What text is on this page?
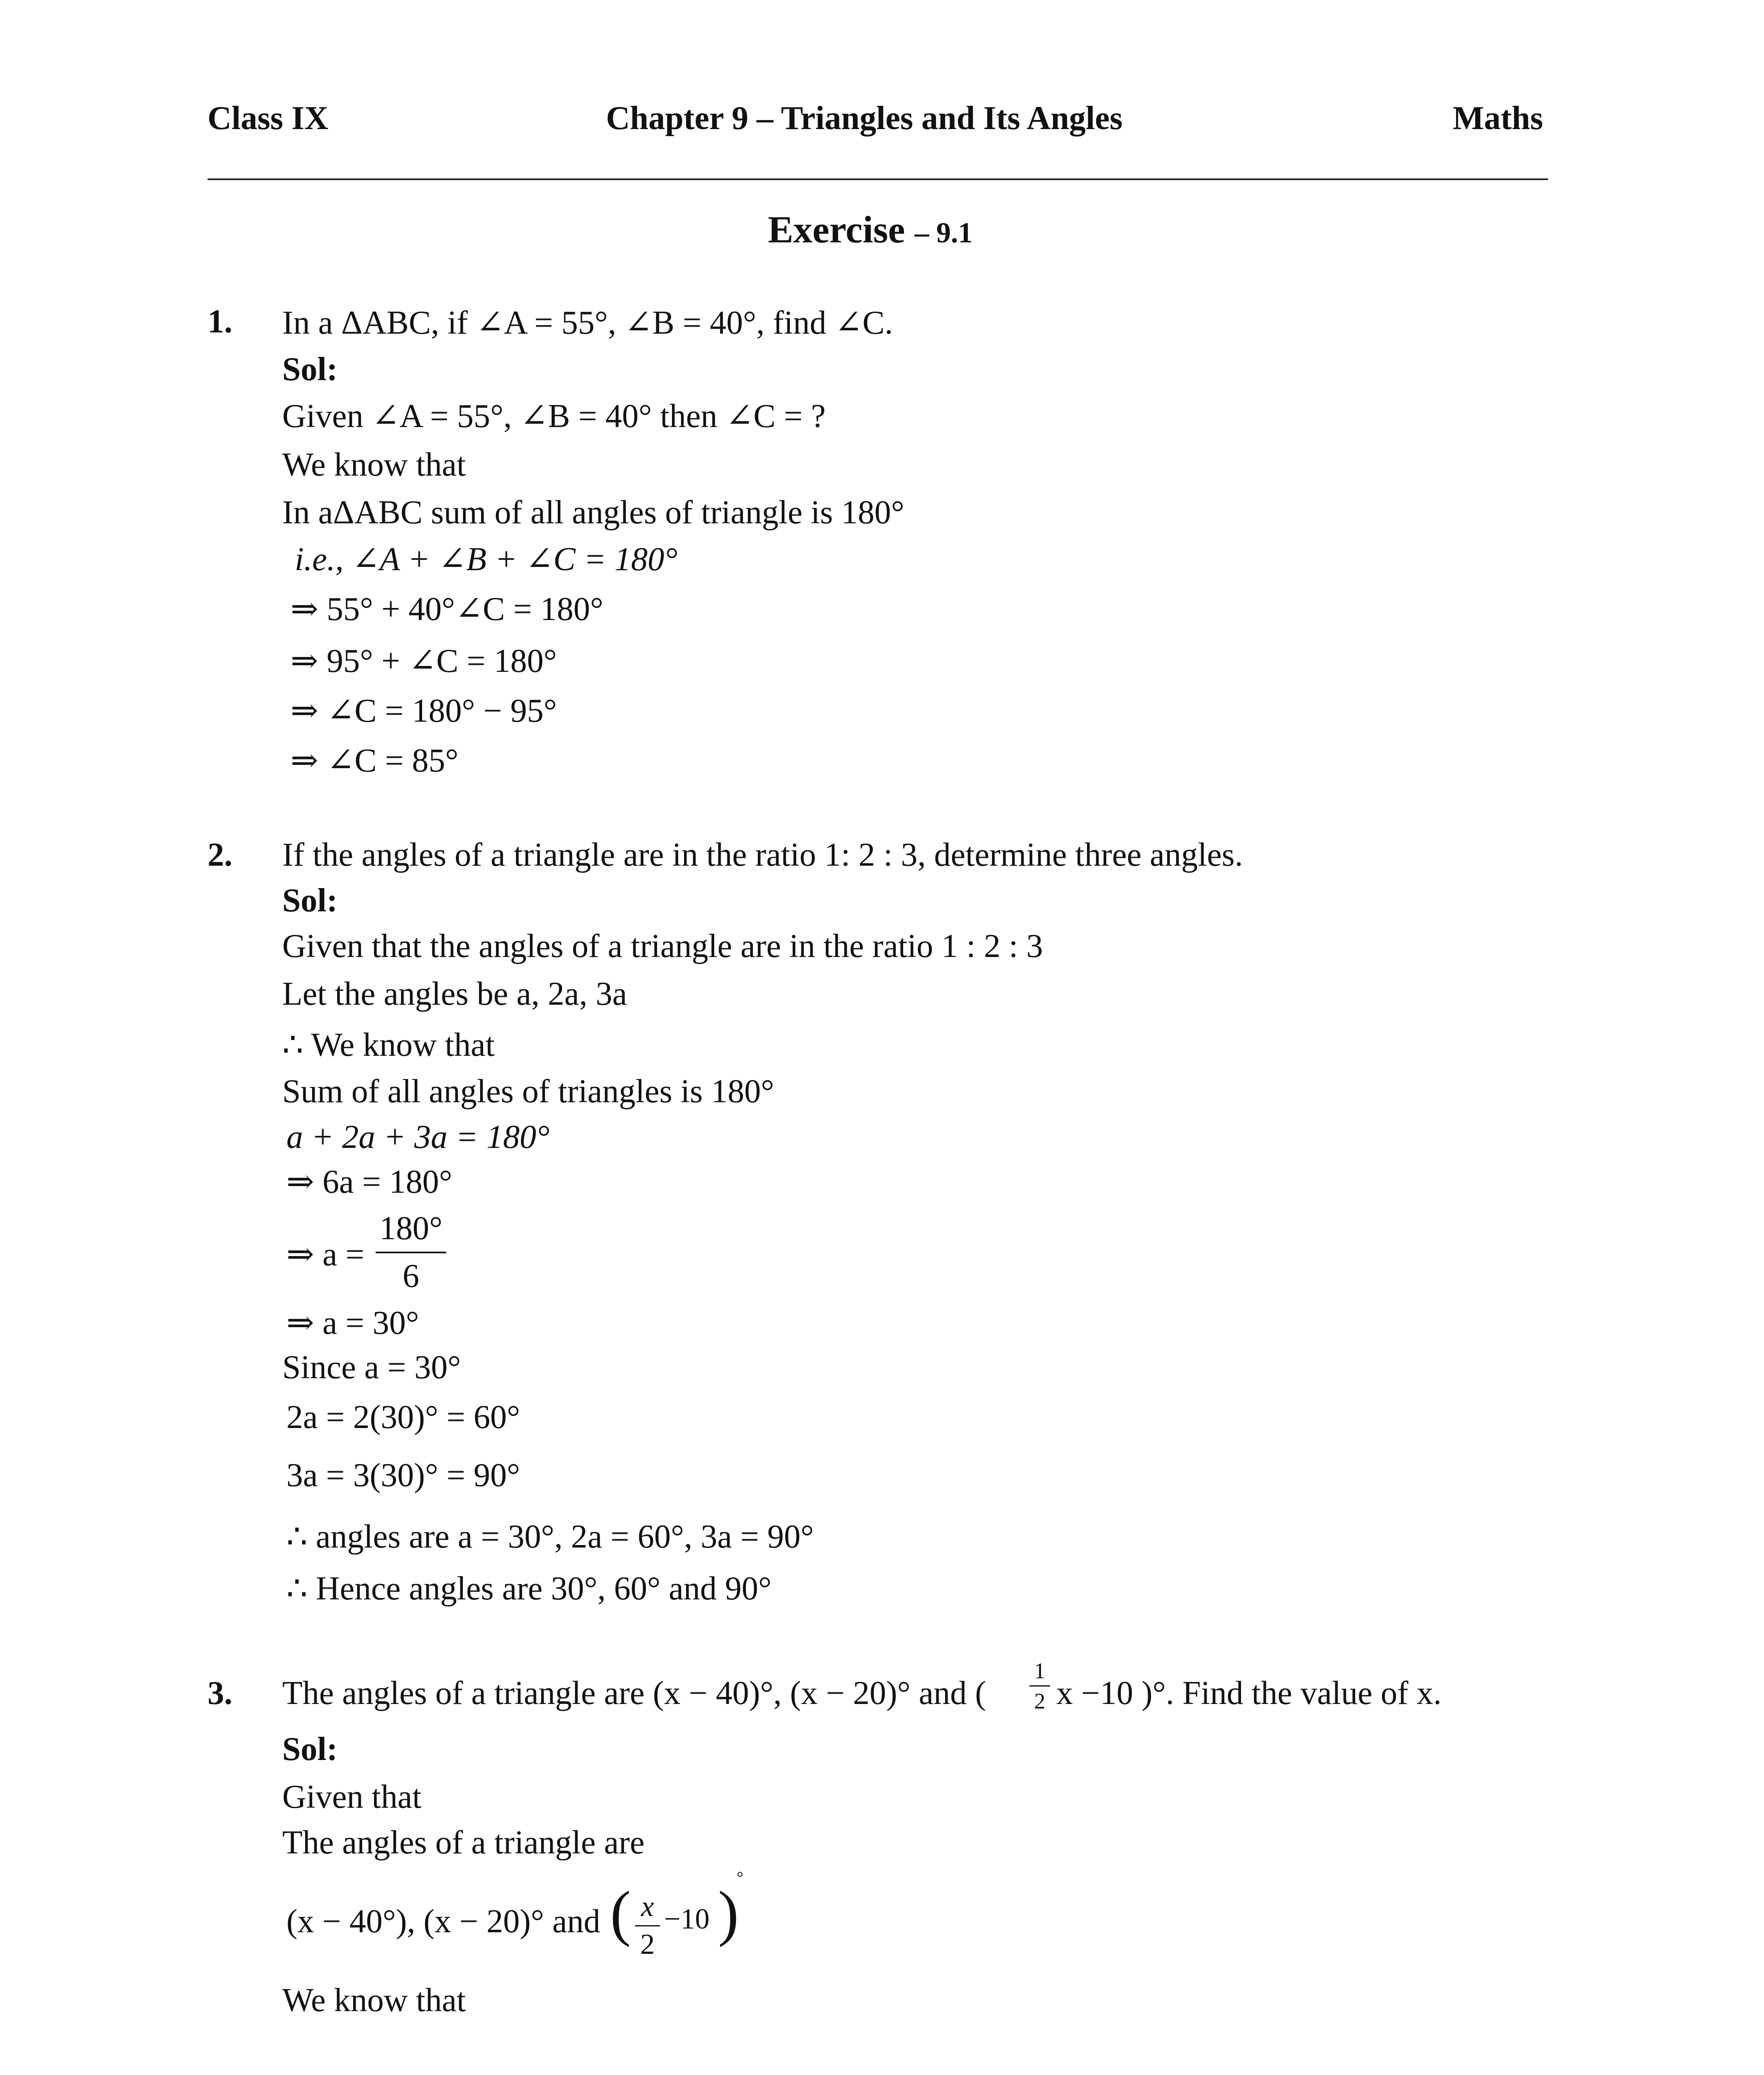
Class IX	Chapter 9 – Triangles and Its Angles	Maths
Exercise – 9.1
1. In a ΔABC, if ∠A = 55°, ∠B = 40°, find ∠C.
Sol:
Given ∠A = 55°, ∠B = 40° then ∠C = ?
We know that
In aΔABC sum of all angles of triangle is 180°
i.e., ∠A + ∠B + ∠C = 180°
⇒ 55° + 40°∠C = 180°
⇒ 95° + ∠C = 180°
⇒ ∠C = 180° − 95°
⇒ ∠C = 85°
2. If the angles of a triangle are in the ratio 1: 2 : 3, determine three angles.
Sol:
Given that the angles of a triangle are in the ratio 1 : 2 : 3
Let the angles be a, 2a, 3a
∴ We know that
Sum of all angles of triangles is 180°
a + 2a + 3a = 180°
⇒ 6a = 180°
⇒ a =
180°
6
⇒ a = 30°
Since a = 30°
2a = 2(30)° = 60°
3a = 3(30)° = 90°
∴ angles are a = 30°, 2a = 60°, 3a = 90°
∴ Hence angles are 30°, 60° and 90°
3. The angles of a triangle are (x − 40)°, (x − 20)° and (
1
2 x −10 )°. Find the value of x.
Sol:
Given that
The angles of a triangle are
(x − 40°), (x − 20)° and ( x
2
−10 )
°
We know that
